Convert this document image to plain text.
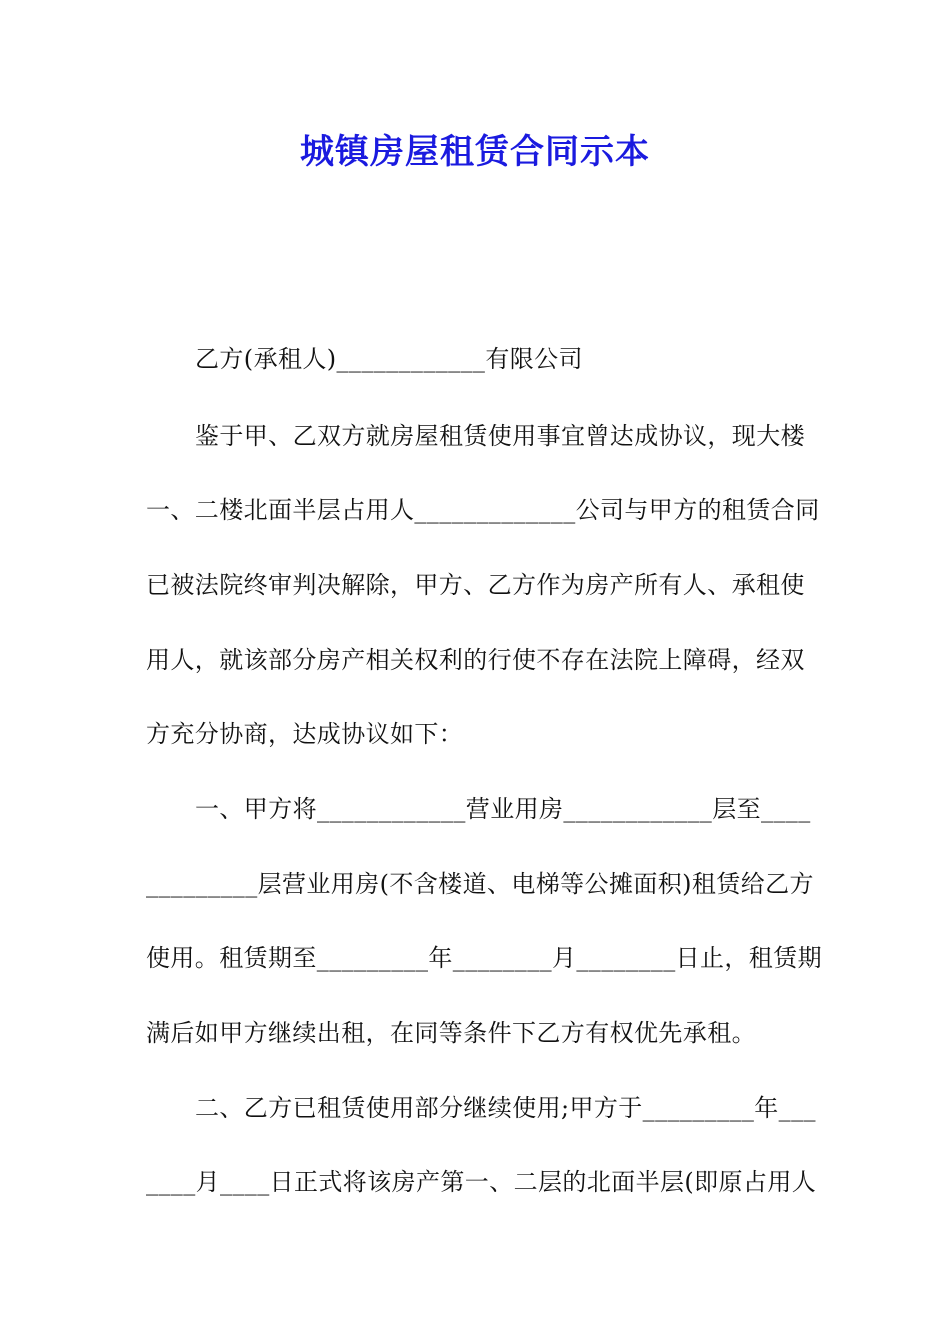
城镇房屋租赁合同示本
乙方(承租人)____________有限公司
鉴于甲、乙双方就房屋租赁使用事宜曾达成协议，现大楼
一、二楼北面半层占用人_____________公司与甲方的租赁合同
已被法院终审判决解除，甲方、乙方作为房产所有人、承租使
用人，就该部分房产相关权利的行使不存在法院上障碍，经双
方充分协商，达成协议如下：
一、甲方将____________营业用房____________层至____
_________层营业用房(不含楼道、电梯等公摊面积)租赁给乙方
使用。租赁期至_________年________月________日止，租赁期
满后如甲方继续出租，在同等条件下乙方有权优先承租。
二、乙方已租赁使用部分继续使用;甲方于_________年___
____月____日正式将该房产第一、二层的北面半层(即原占用人
